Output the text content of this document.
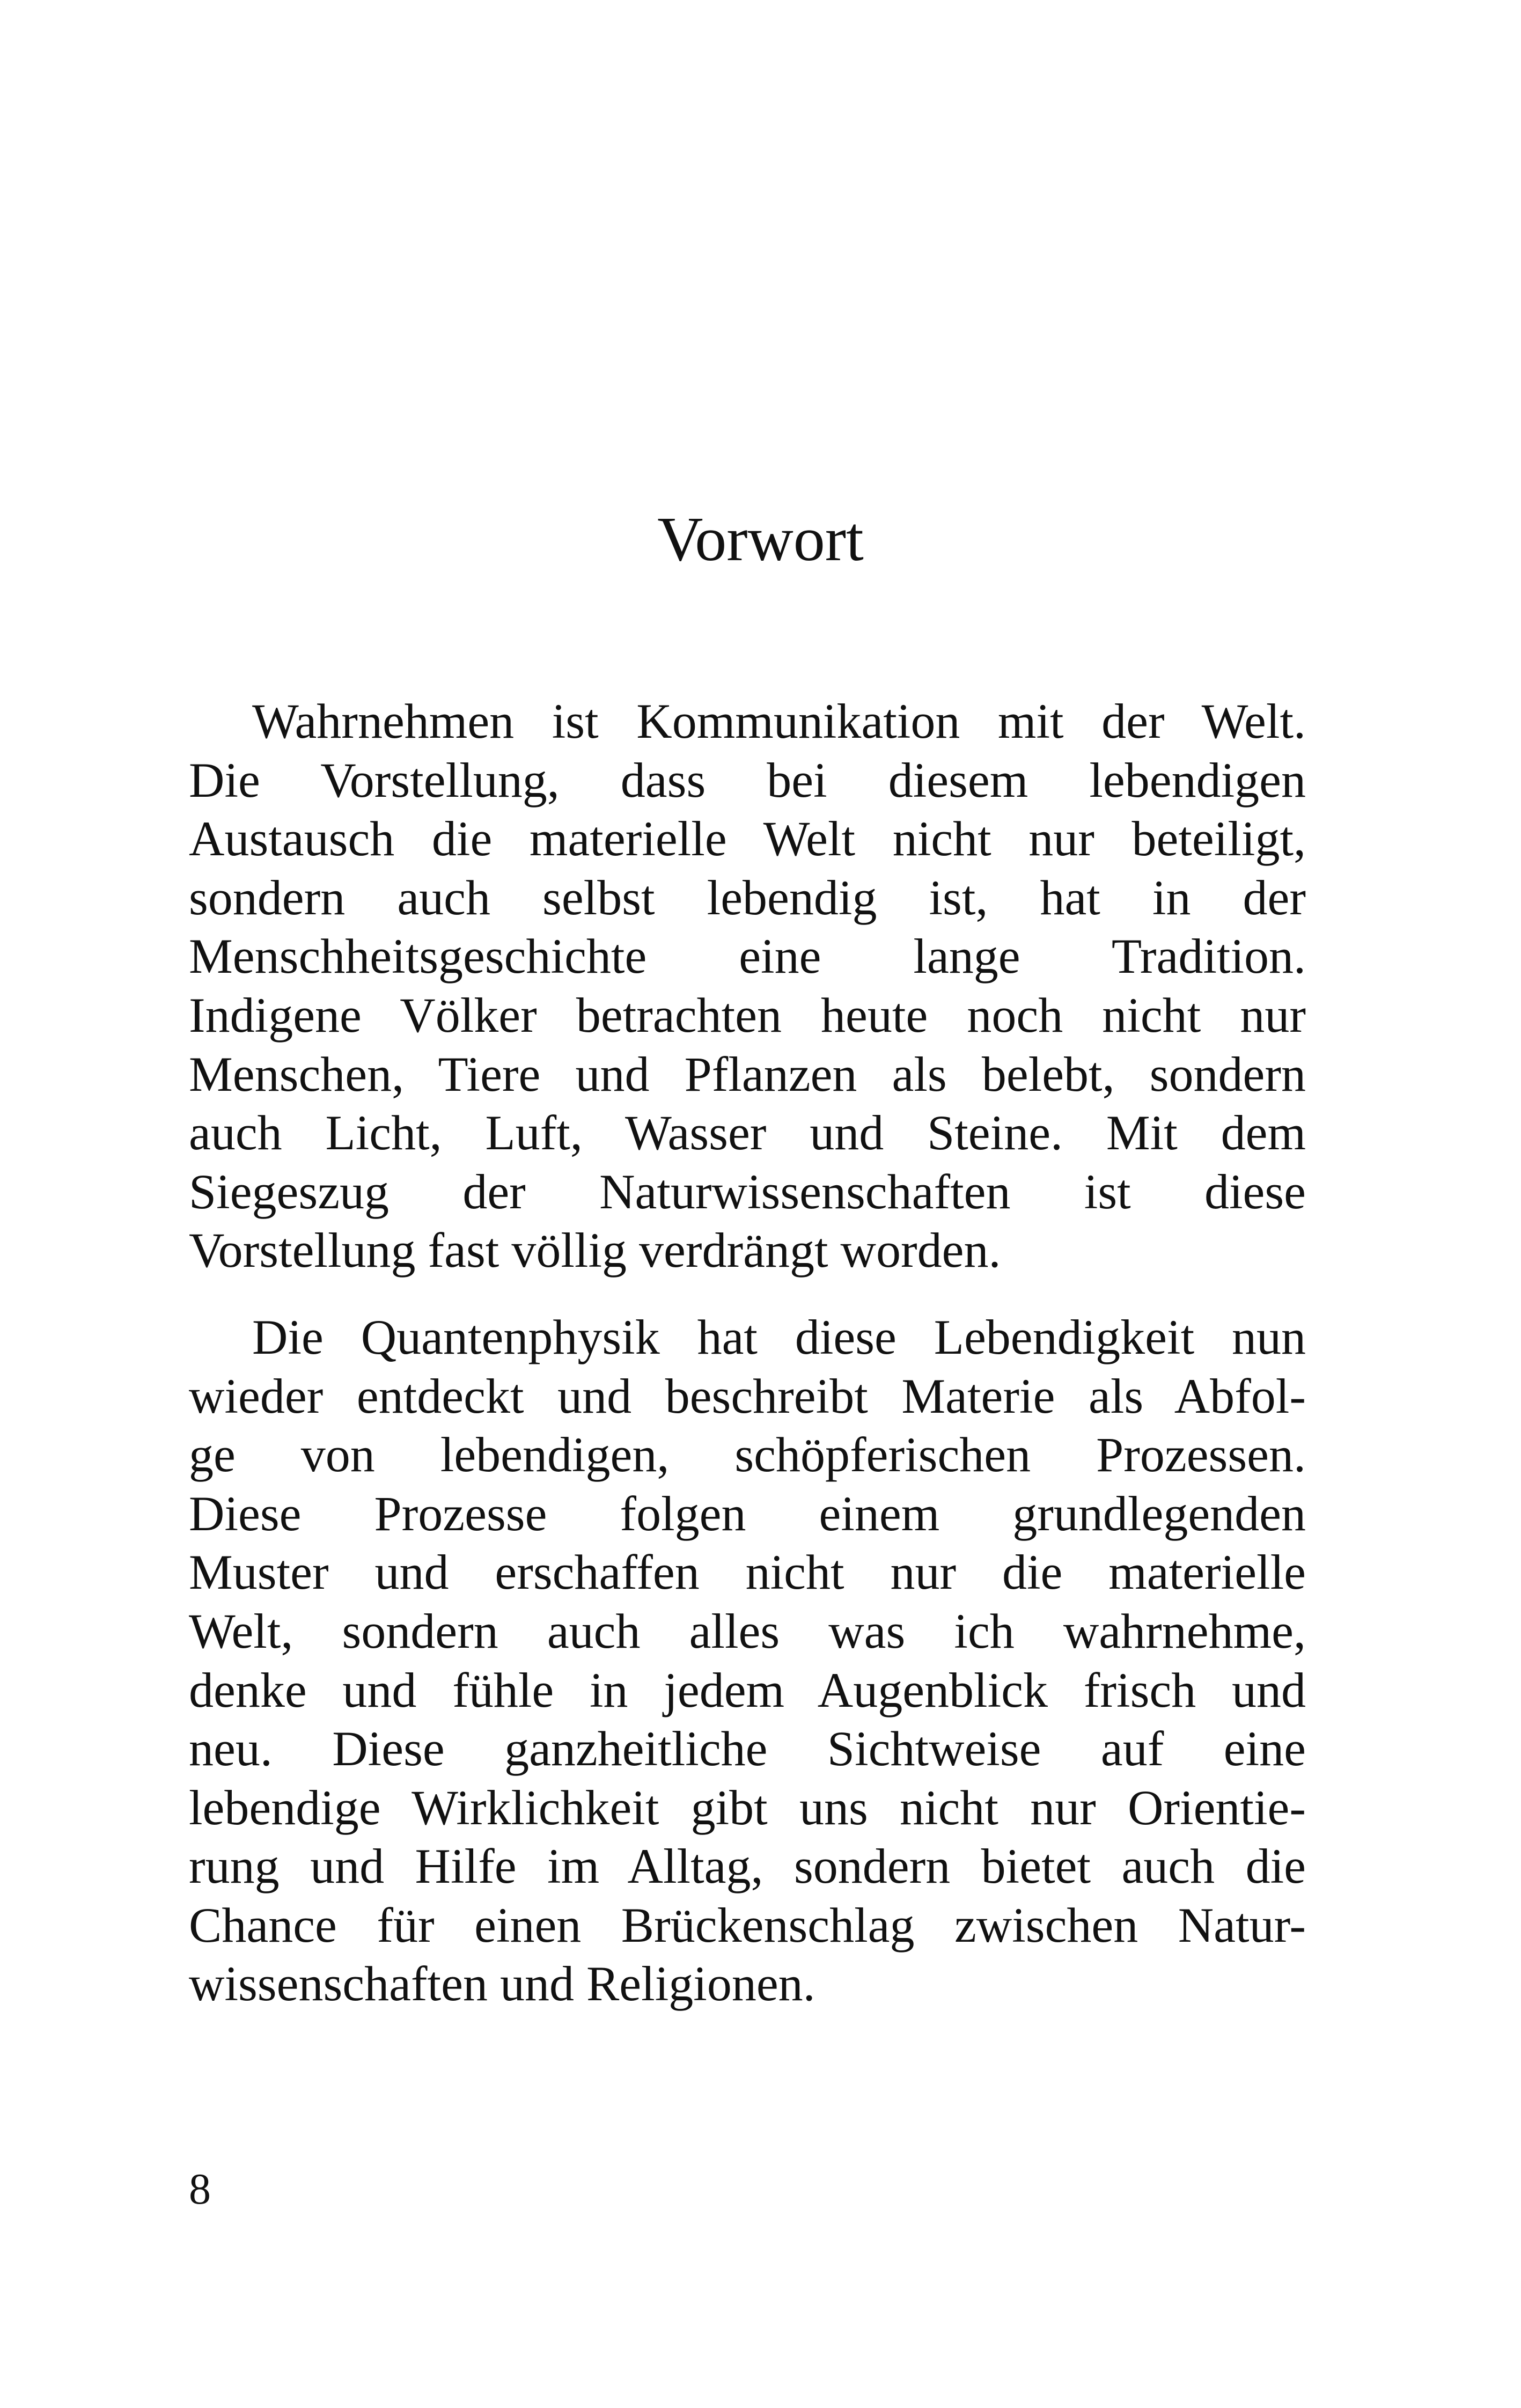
Vorwort
Wahrnehmen ist Kommunikation mit der Welt.
Die Vorstellung, dass bei diesem lebendigen
Austausch die materielle Welt nicht nur beteiligt,
sondern auch selbst lebendig ist, hat in der
Menschheitsgeschichte eine lange Tradition.
Indigene Völker betrachten heute noch nicht nur
Menschen, Tiere und Pflanzen als belebt, sondern
auch Licht, Luft, Wasser und Steine. Mit dem
Siegeszug der Naturwissenschaften ist diese
Vorstellung fast völlig verdrängt worden.
Die Quantenphysik hat diese Lebendigkeit nun
wieder entdeckt und beschreibt Materie als Abfol-
ge von lebendigen, schöpferischen Prozessen.
Diese Prozesse folgen einem grundlegenden
Muster und erschaffen nicht nur die materielle
Welt, sondern auch alles was ich wahrnehme,
denke und fühle in jedem Augenblick frisch und
neu. Diese ganzheitliche Sichtweise auf eine
lebendige Wirklichkeit gibt uns nicht nur Orientie-
rung und Hilfe im Alltag, sondern bietet auch die
Chance für einen Brückenschlag zwischen Natur-
wissenschaften und Religionen.
8
